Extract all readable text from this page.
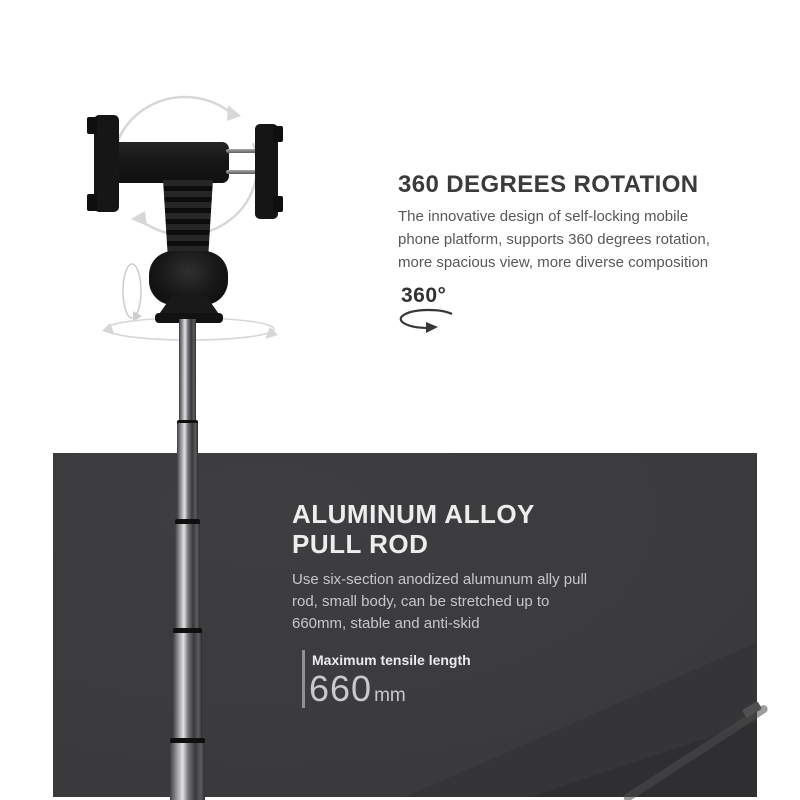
360 DEGREES ROTATION
The innovative design of self-locking mobile
phone platform, supports 360 degrees rotation,
more spacious view, more diverse composition
360°
ALUMINUM ALLOY
PULL ROD
Use six-section anodized alumunum ally pull
rod, small body, can be stretched up to
660mm, stable and anti-skid
Maximum tensile length
660 mm
